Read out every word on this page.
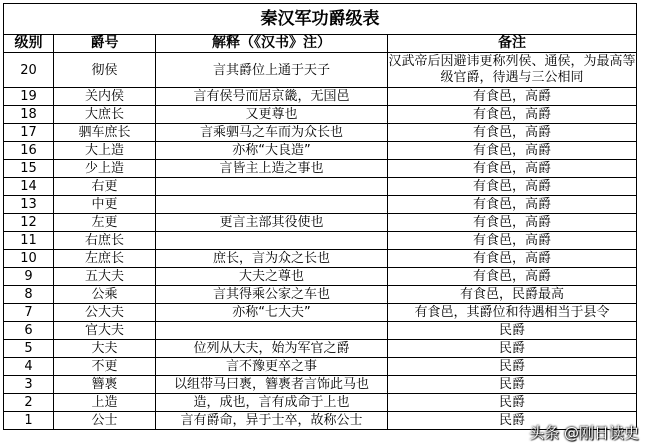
秦汉军功爵级表			
级别	爵号	解释（《汉书》注）	备注
20	彻侯	言其爵位上通于天子	汉武帝后因避讳更称列侯、通侯，为最高等级官爵，待遇与三公相同
19	关内侯	言有侯号而居京畿，无国邑	有食邑，高爵
18	大庶长	又更尊也	有食邑，高爵
17	驷车庶长	言乘驷马之车而为众长也	有食邑，高爵
16	大上造	亦称“大良造”	有食邑，高爵
15	少上造	言皆主上造之事也	有食邑，高爵
14	右更		有食邑，高爵
13	中更		有食邑，高爵
12	左更	更言主部其役使也	有食邑，高爵
11	右庶长		有食邑，高爵
10	左庶长	庶长，言为众之长也	有食邑，高爵
9	五大夫	大夫之尊也	有食邑，高爵
8	公乘	言其得乘公家之车也	有食邑，民爵最高
7	公大夫	亦称“七大夫”	有食邑，其爵位和待遇相当于县令
6	官大夫		民爵
5	大夫	位列从大夫，始为军官之爵	民爵
4	不更	言不豫更卒之事	民爵
3	簪褭	以组带马曰褭，簪褭者言饰此马也	民爵
2	上造	造，成也，言有成命于上也	民爵
1	公士	言有爵命，异于士卒，故称公士	民爵
头条 @刚日读史
